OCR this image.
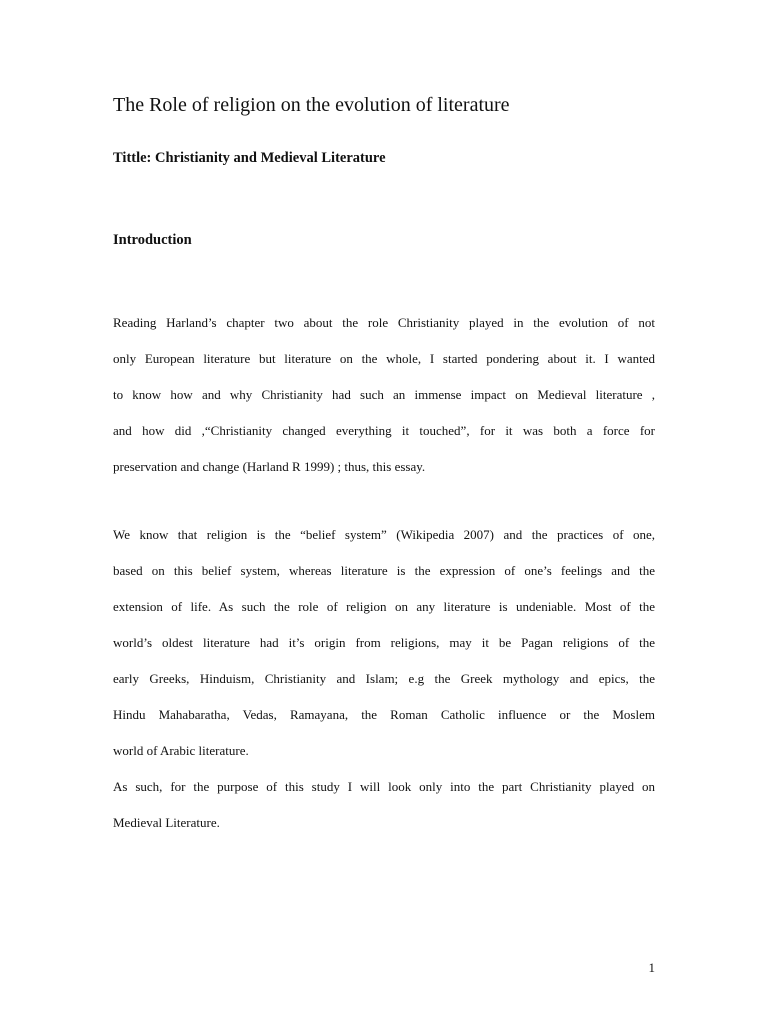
The Role of religion on the evolution of literature
Tittle: Christianity and Medieval Literature
Introduction

Reading Harland’s chapter two about the role Christianity played in the evolution of not
only European literature but literature on the whole, I started pondering about it. I wanted
to know how and why Christianity had such an immense impact on Medieval literature ,
and how did ,“Christianity changed everything it touched”, for it was both a force for
preservation and change (Harland R 1999) ; thus, this essay.

We know that religion is the “belief system” (Wikipedia 2007) and the practices of one,
based on this belief system, whereas literature is the expression of one’s feelings and the
extension of life. As such the role of religion on any literature is undeniable. Most of the
world’s oldest literature had it’s origin from religions, may it be Pagan religions of the
early Greeks, Hinduism, Christianity and Islam; e.g the Greek mythology and epics, the
Hindu Mahabaratha, Vedas, Ramayana, the Roman Catholic influence or the Moslem
world of Arabic literature.

As such, for the purpose of this study I will look only into the part Christianity played on
Medieval Literature.

1
